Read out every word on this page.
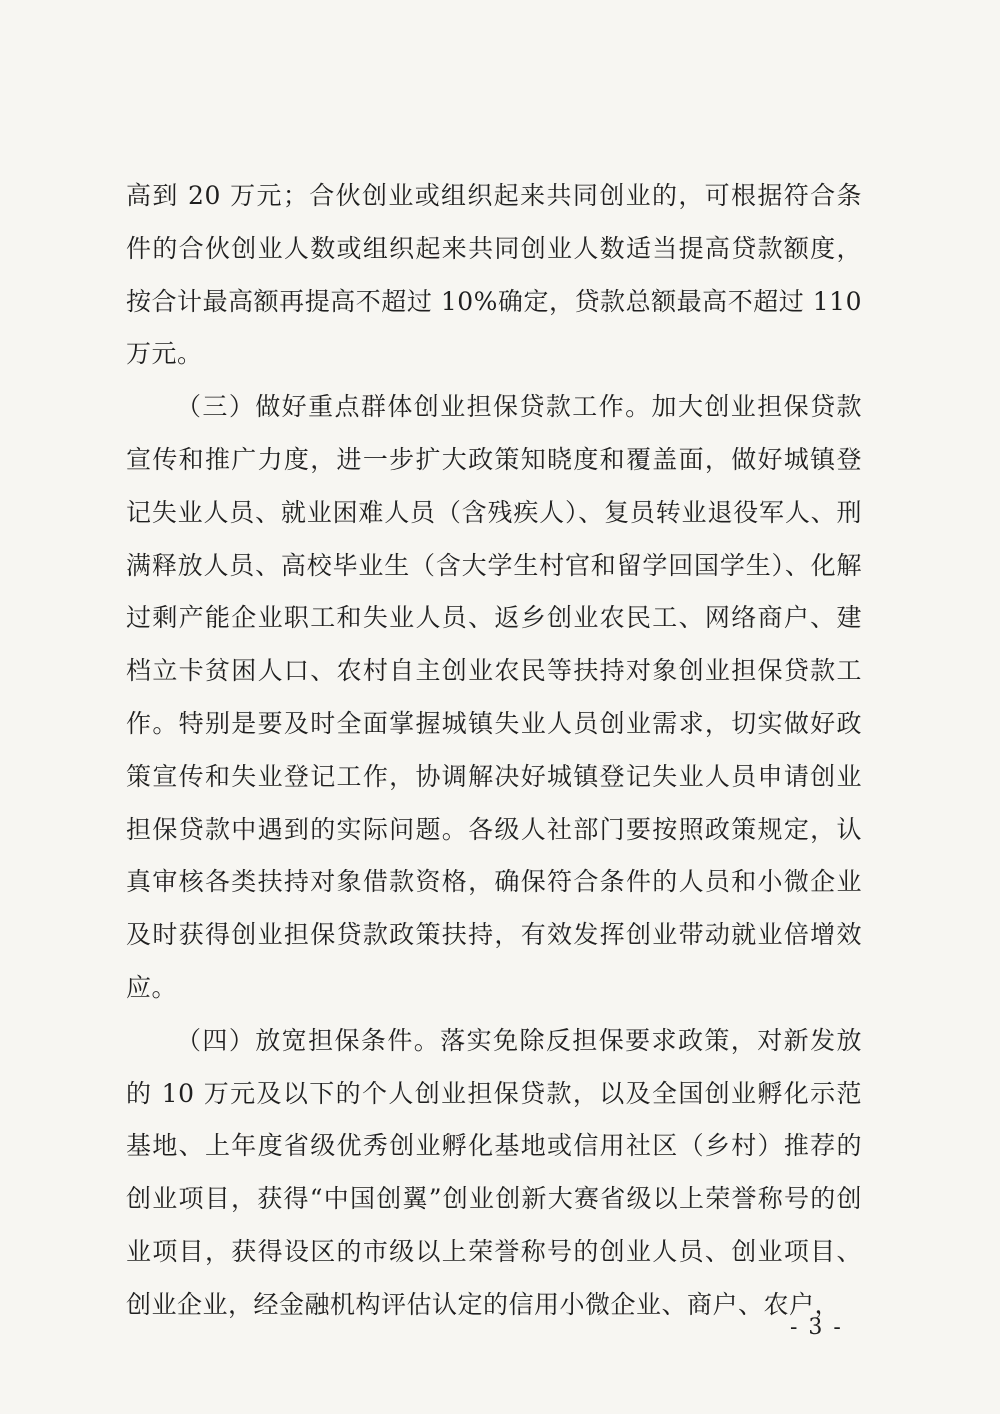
高到 20 万元；合伙创业或组织起来共同创业的，可根据符合条件的合伙创业人数或组织起来共同创业人数适当提高贷款额度，按合计最高额再提高不超过 10%确定，贷款总额最高不超过 110 万元。

（三）做好重点群体创业担保贷款工作。加大创业担保贷款宣传和推广力度，进一步扩大政策知晓度和覆盖面，做好城镇登记失业人员、就业困难人员（含残疾人）、复员转业退役军人、刑满释放人员、高校毕业生（含大学生村官和留学回国学生）、化解过剩产能企业职工和失业人员、返乡创业农民工、网络商户、建档立卡贫困人口、农村自主创业农民等扶持对象创业担保贷款工作。特别是要及时全面掌握城镇失业人员创业需求，切实做好政策宣传和失业登记工作，协调解决好城镇登记失业人员申请创业担保贷款中遇到的实际问题。各级人社部门要按照政策规定，认真审核各类扶持对象借款资格，确保符合条件的人员和小微企业及时获得创业担保贷款政策扶持，有效发挥创业带动就业倍增效应。

（四）放宽担保条件。落实免除反担保要求政策，对新发放的 10 万元及以下的个人创业担保贷款，以及全国创业孵化示范基地、上年度省级优秀创业孵化基地或信用社区（乡村）推荐的创业项目，获得“中国创翼”创业创新大赛省级以上荣誉称号的创业项目，获得设区的市级以上荣誉称号的创业人员、创业项目、创业企业，经金融机构评估认定的信用小微企业、商户、农户，

- 3 -
